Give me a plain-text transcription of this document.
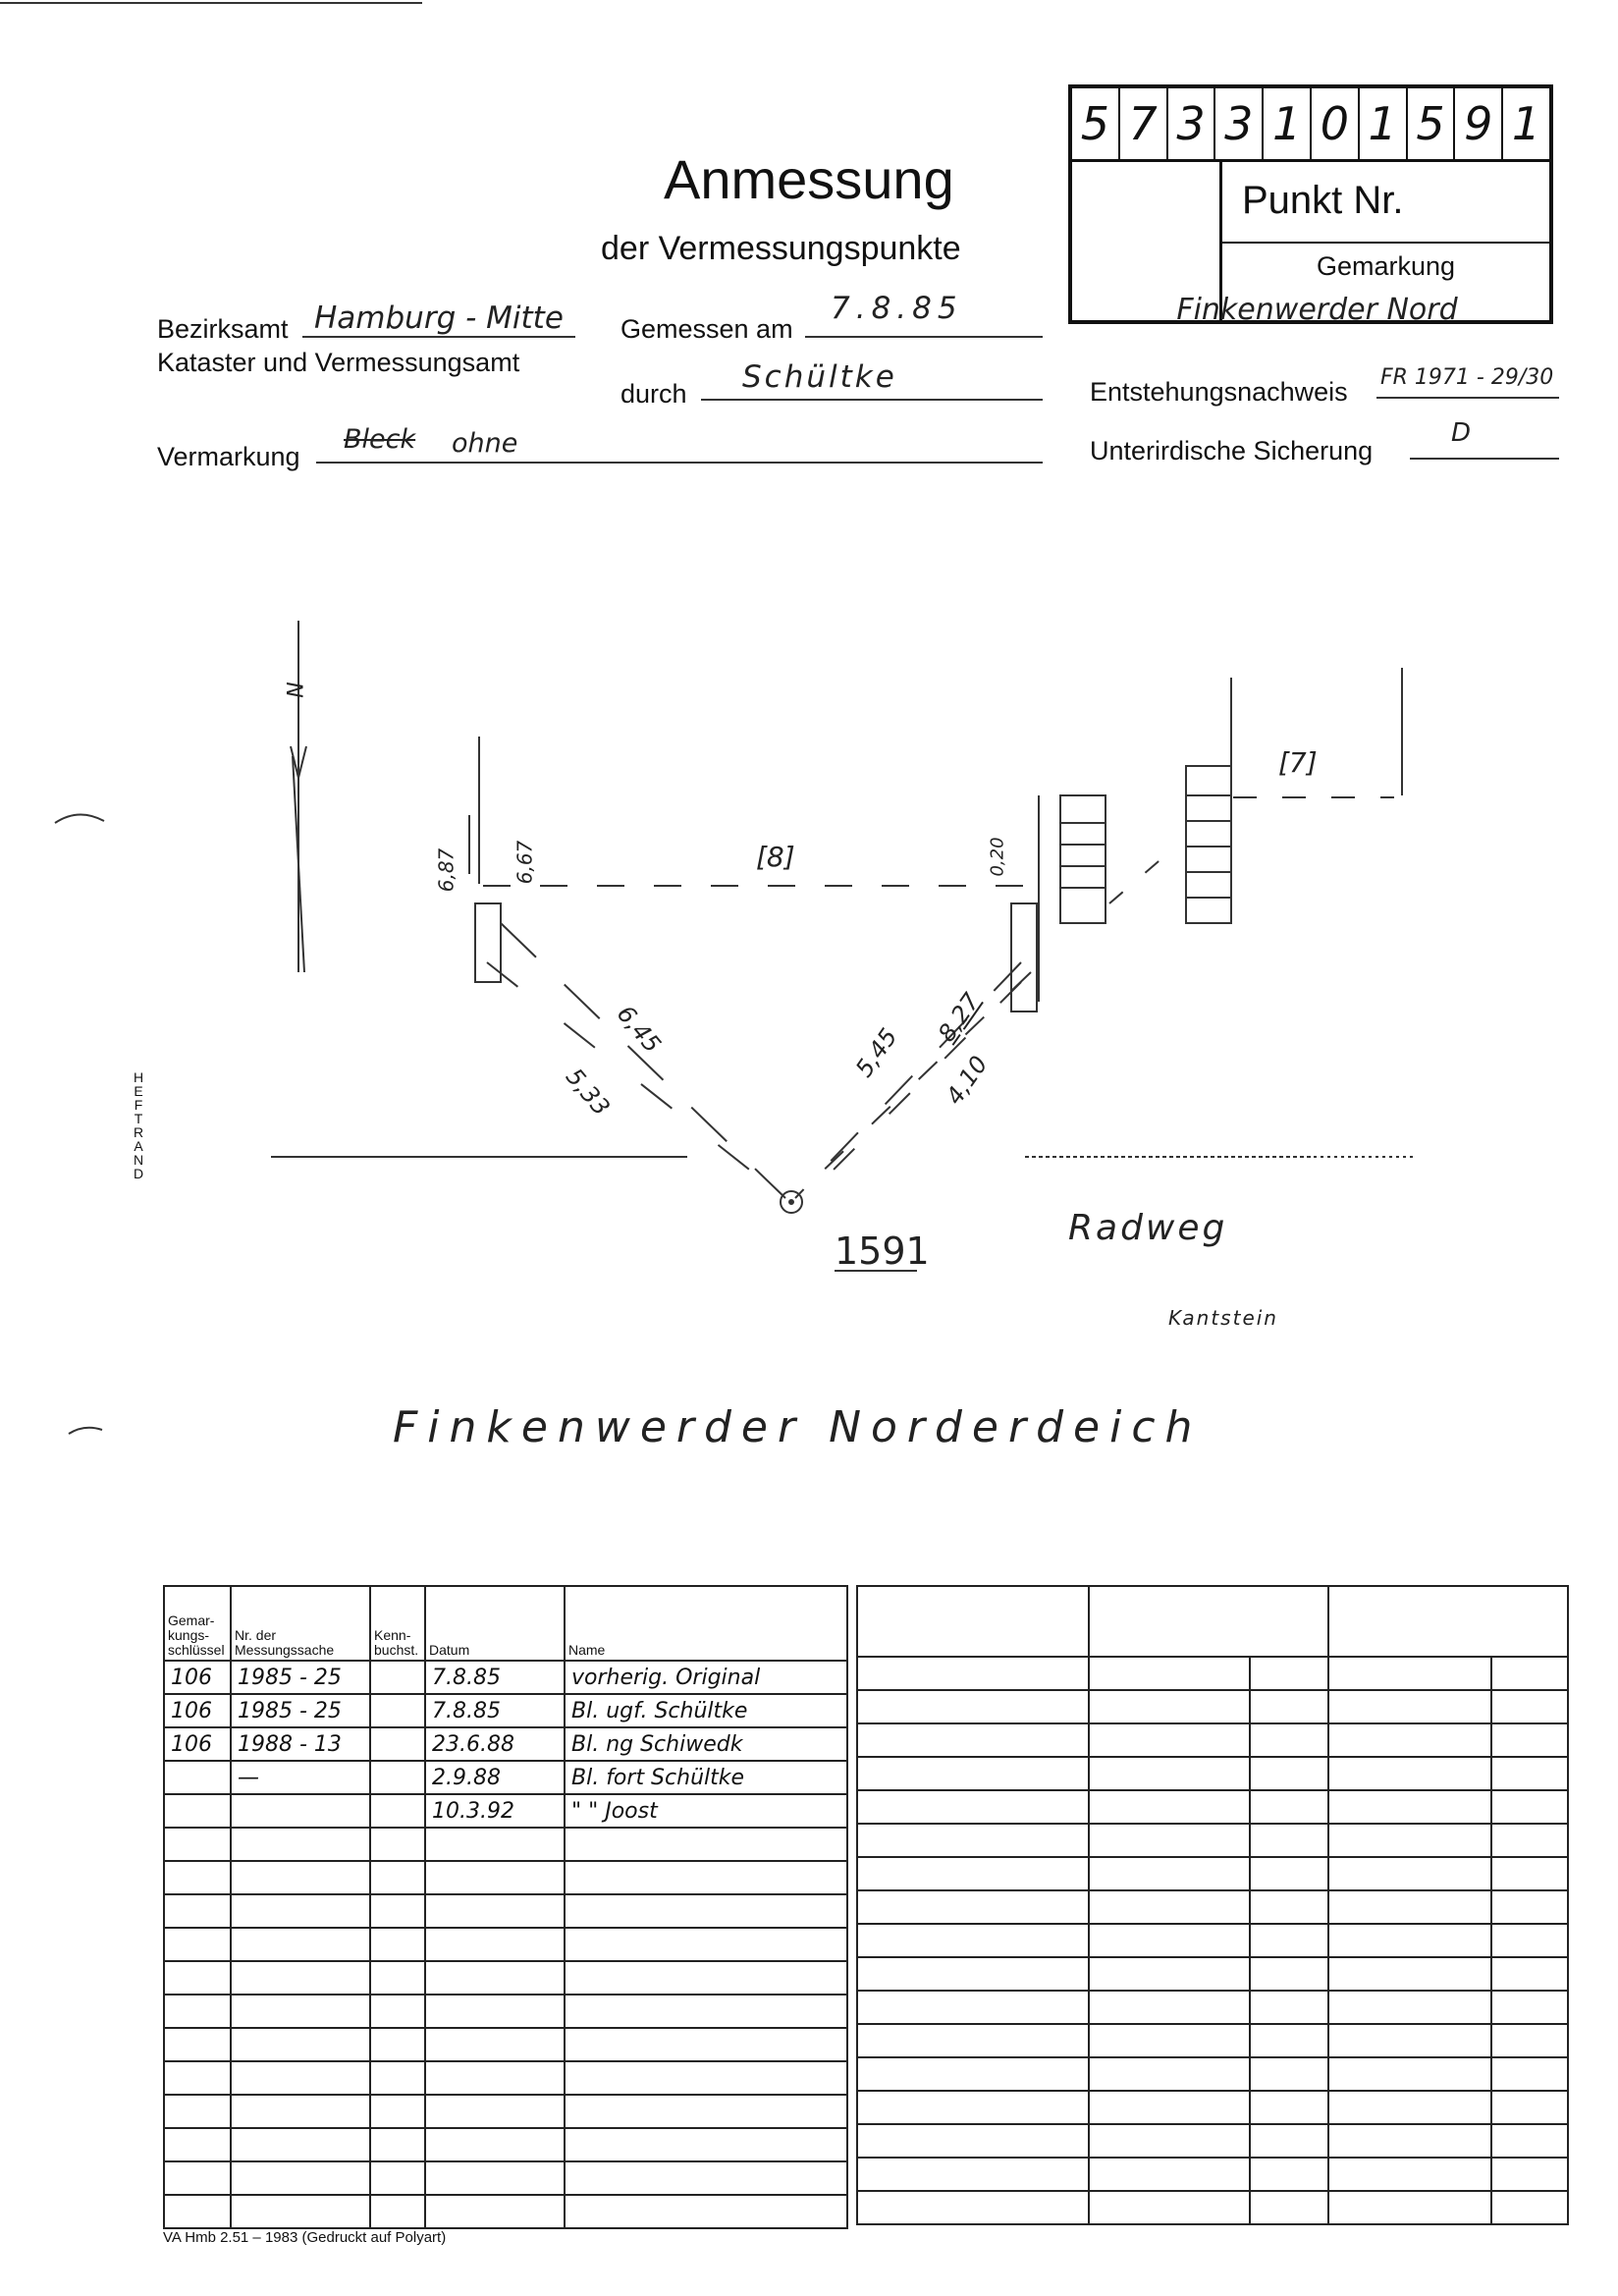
Anmessung
der Vermessungspunkte
5 7 3 3 1 0 1 5 9 1
Punkt Nr.
Gemarkung
Finkenwerder Nord
Bezirksamt Hamburg - Mitte
Kataster und Vermessungsamt
Gemessen am
7.8.85
durch Schültke
Vermarkung
Bleck ohne
Entstehungsnachweis FR 1971 - 29/30
Unterirdische Sicherung
D
6,87	6,67	[8]	0,20
[7]
6,45
5,33
5,45
8,27
4,10
N
1591
Radweg
Kantstein
Finkenwerder Norderdeich
HEFTRAND
Gemar-kungs-schlüssel	Nr. der Messungssache	Kenn-buchst.	Datum	Name
106	1985 - 25		7.8.85	vorherig. Original
106	1985 - 25		7.8.85	Bl. ugf. Schültke
106	1988 - 13		23.6.88	Bl. ng Schiwedk
	—		2.9.88	Bl. fort Schültke
			10.3.92	" " Joost

VA Hmb 2.51 – 1983 (Gedruckt auf Polyart)
